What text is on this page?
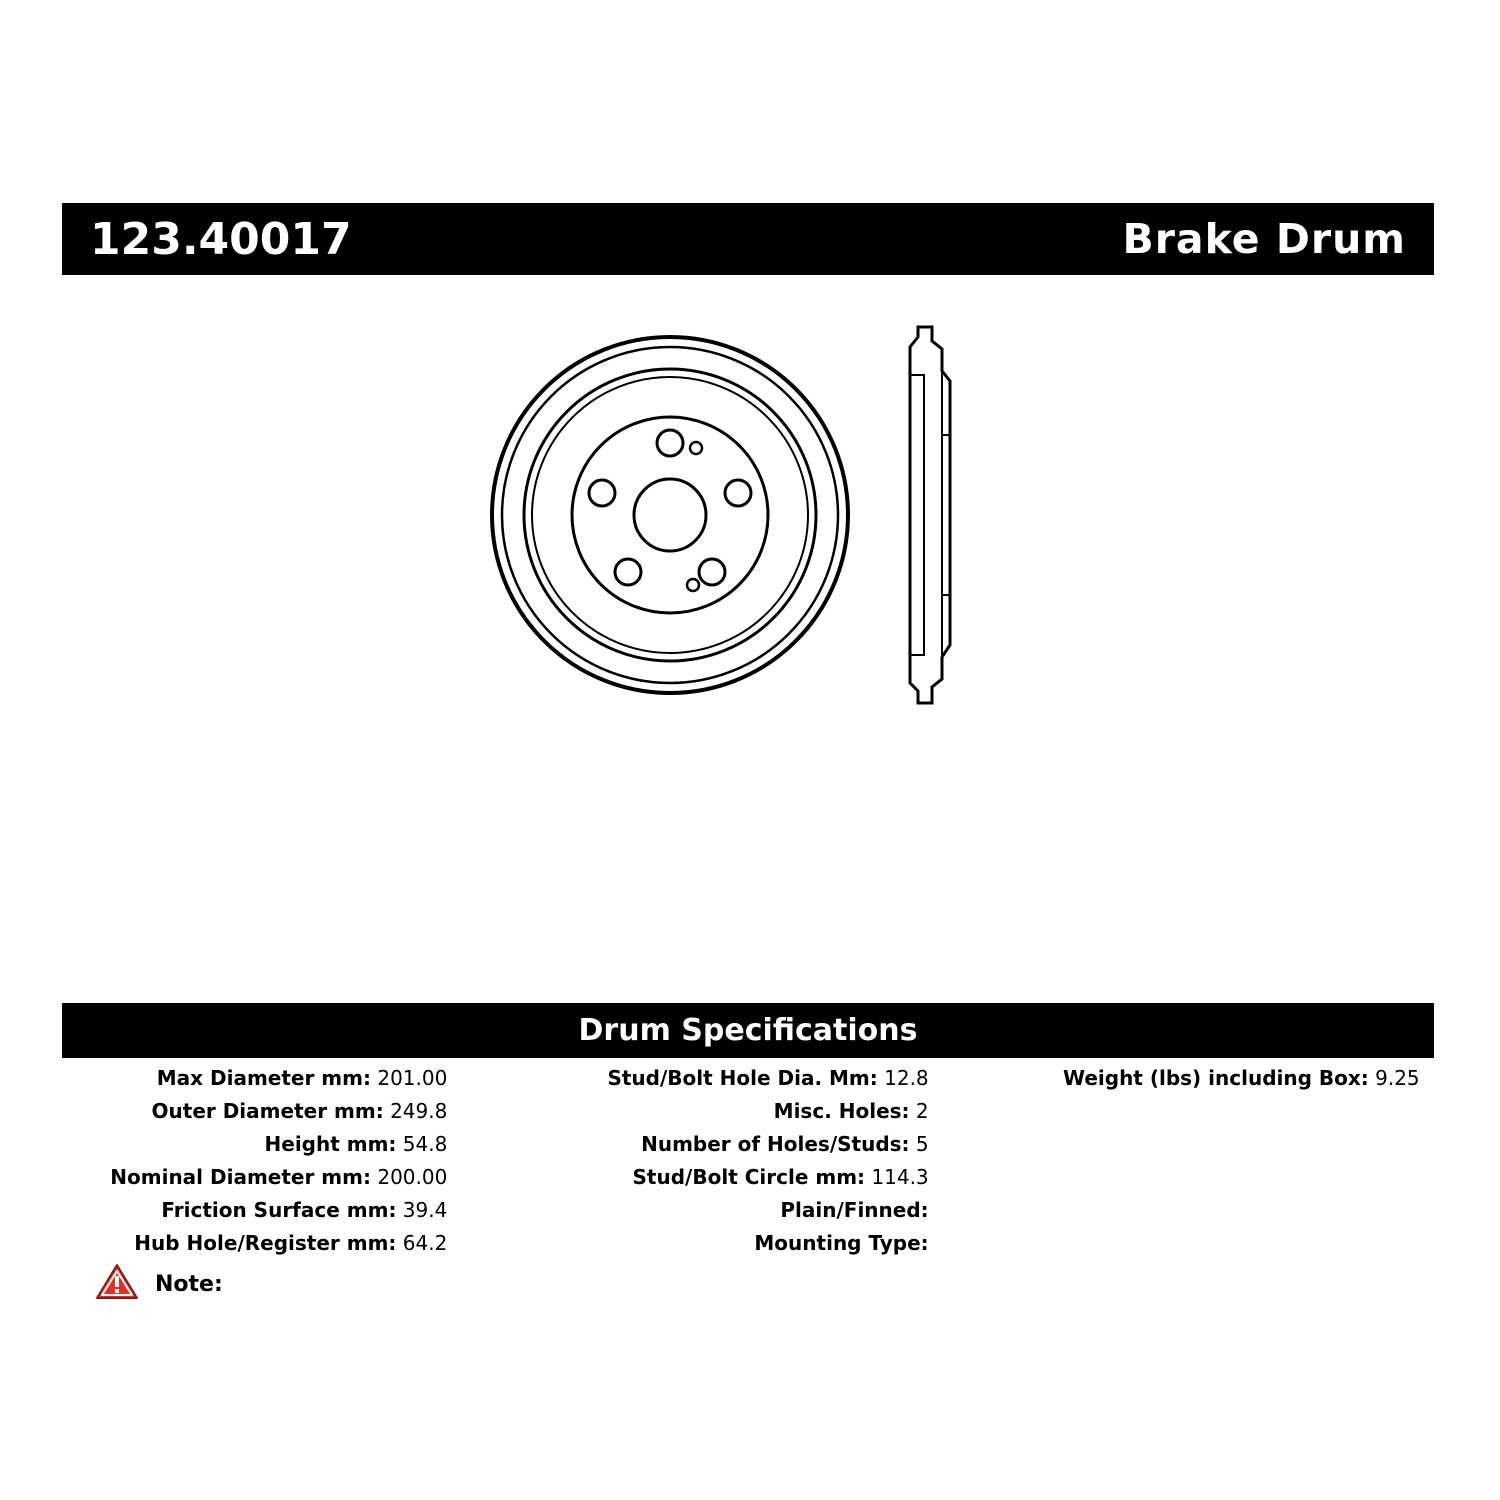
123.40017	Brake Drum
Drum Specifications
Max Diameter mm: 201.00
Outer Diameter mm: 249.8
Height mm: 54.8
Nominal Diameter mm: 200.00
Friction Surface mm: 39.4
Hub Hole/Register mm: 64.2
Stud/Bolt Hole Dia. Mm: 12.8
Misc. Holes: 2
Number of Holes/Studs: 5
Stud/Bolt Circle mm: 114.3
Plain/Finned:
Mounting Type:
Weight (lbs) including Box: 9.25
Note:
